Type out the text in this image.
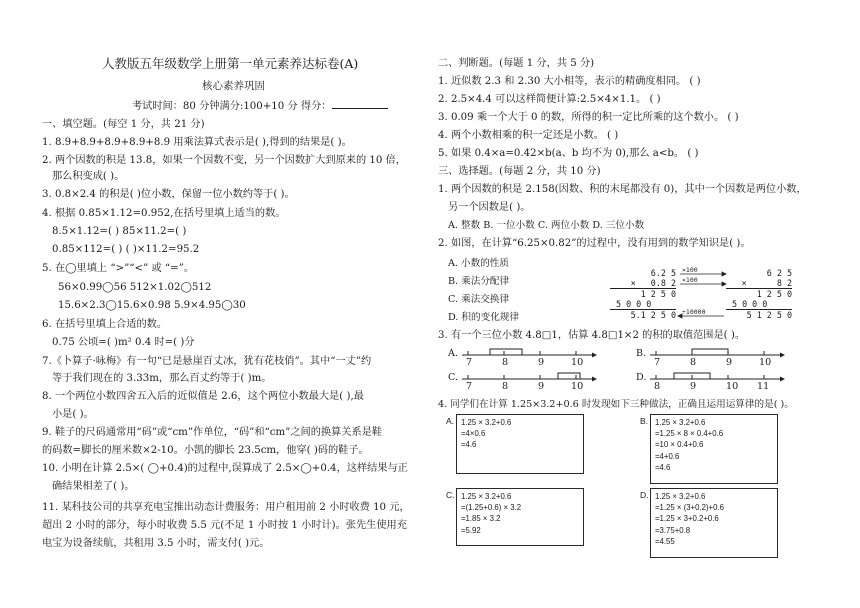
人教版五年级数学上册第一单元素养达标卷(A)
核心素养巩固
考试时间：80 分钟满分:100+10 分 得分：
一、填空题。(每空 1 分，共 21 分)
1. 8.9+8.9+8.9+8.9+8.9 用乘法算式表示是( ),得到的结果是( )。
2. 两个因数的积是 13.8，如果一个因数不变，另一个因数扩大到原来的 10 倍，
那么积变成( )。
3. 0.8×2.4 的积是( )位小数，保留一位小数约等于( )。
4. 根据 0.85×1.12=0.952,在括号里填上适当的数。
8.5×1.12=( ) 85×11.2=( )
0.85×112=( ) ( )×11.2=95.2
5. 在◯里填上 “>”“<” 或 “=”。
56×0.99◯56 512×1.02◯512
15.6×2.3◯15.6×0.98 5.9×4.95◯30
6. 在括号里填上合适的数。
0.75 公顷=( )m² 0.4 时=( )分
7.《卜算子·咏梅》有一句“已是悬崖百丈冰，犹有花枝俏”。其中“一丈”约
等于我们现在的 3.33m，那么百丈约等于( )m。
8. 一个两位小数四舍五入后的近似值是 2.6，这个两位小数最大是( ),最
小是( )。
9. 鞋子的尺码通常用“码”或“cm”作单位，“码”和“cm”之间的换算关系是鞋
的码数=脚长的厘米数×2-10。小凯的脚长 23.5cm，他穿( )码的鞋子。
10. 小明在计算 2.5×( ◯+0.4)的过程中,误算成了 2.5×◯+0.4，这样结果与正
确结果相差了( )。
11. 某科技公司的共享充电宝推出动态计费服务：用户租用前 2 小时收费 10 元，
超出 2 小时的部分，每小时收费 5.5 元(不足 1 小时按 1 小时计)。张先生使用充
电宝为设备续航，共租用 3.5 小时，需支付( )元。
二、判断题。(每题 1 分，共 5 分)
1. 近似数 2.3 和 2.30 大小相等，表示的精确度相同。 ( )
2. 2.5×4.4 可以这样简便计算:2.5×4×1.1。 ( )
3. 0.09 乘一个大于 0 的数，所得的积一定比所乘的这个数小。 ( )
4. 两个小数相乘的积一定还是小数。 ( )
5. 如果 0.4×a=0.42×b(a、b 均不为 0),那么 a<b。 ( )
三、选择题。(每题 2 分，共 10 分)
1. 两个因数的积是 2.158(因数、积的末尾都没有 0)，其中一个因数是两位小数，
另一个因数是( )。
A. 整数 B. 一位小数 C. 两位小数 D. 三位小数
2. 如图，在计算“6.25×0.82”的过程中，没有用到的数学知识是( )。
A. 小数的性质
B. 乘法分配律
C. 乘法交换律
D. 积的变化规律
6.2 5
×   0.8 2
1 2 5 0
5 0 0 0
5.1 2 5 0
6 2 5
×      8 2
1 2 5 0
5 0 0 0
5 1 2 5 0
×100
×100
÷10000
3. 有一个三位小数 4.8□1，估算 4.8□1×2 的积的取值范围是( )。
A.
7	8	9	10
B.
7	8	9	10
C.
7	8	9	10
D.
8	9	10 11
4. 同学们在计算 1.25×3.2+0.6 时发现如下三种做法，正确且运用运算律的是( )。
A. 1.25 × 3.2+0.6
=4×0.6
=4.6
B. 1.25 × 3.2+0.6
=1.25 × 8 × 0.4+0.6
=10 × 0.4+0.6
=4+0.6
=4.6
C. 1.25 × 3.2+0.6
=(1.25+0.6) × 3.2
=1.85 × 3.2
=5.92
D. 1.25 × 3.2+0.6
=1.25 × (3+0.2)+0.6
=1.25 × 3+0.2+0.6
=3.75+0.8
=4.55
